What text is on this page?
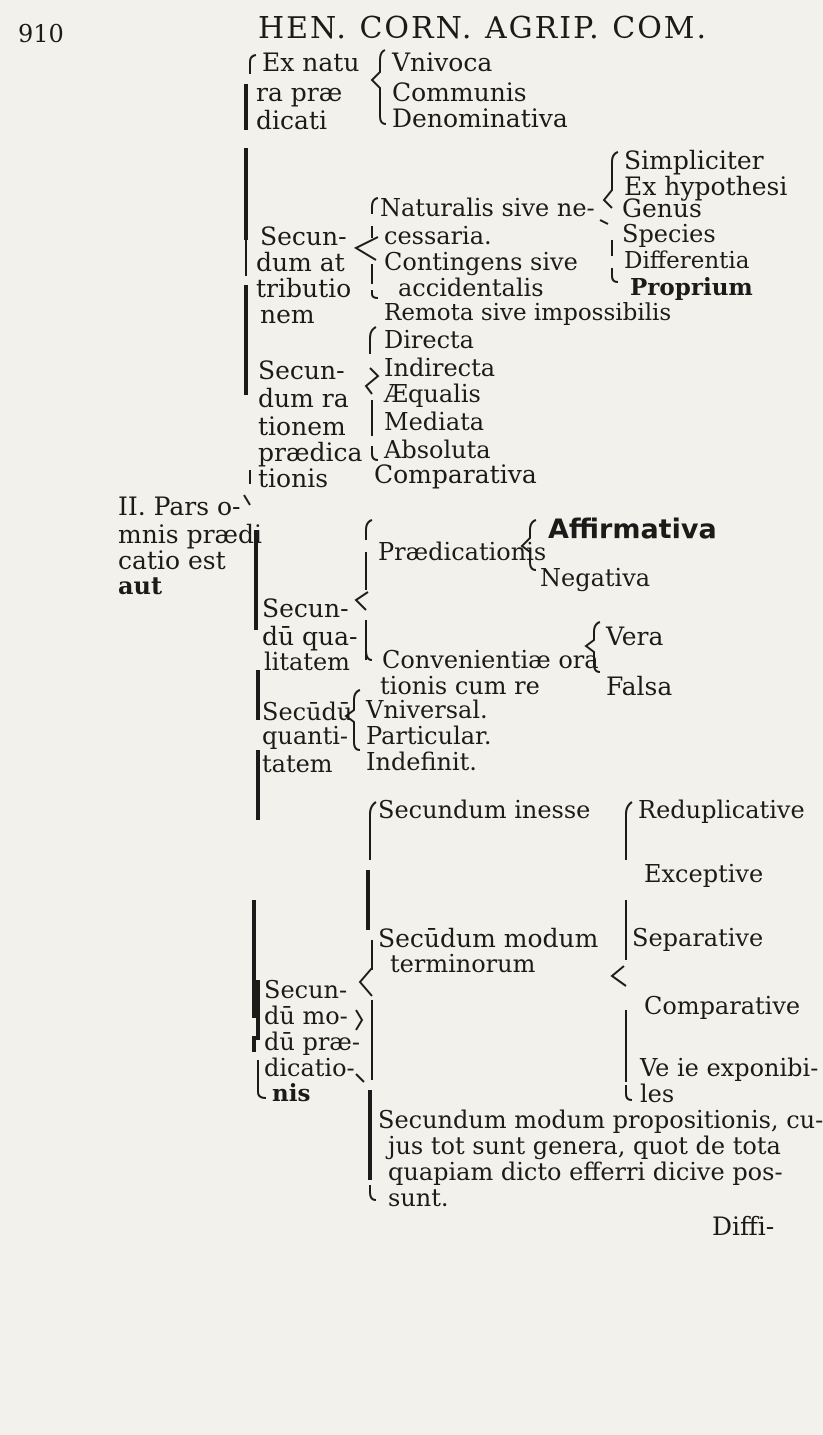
910	HEN. CORN. AGRIP. COM.
Ex natu
ra præ
dicati
Vnivoca
Communis
Denominativa
Simpliciter
Ex hypothesi
Naturalis sive ne- Genus
Secun- cessaria.	Species
dum at Contingens sive Differentia
tributio accidentalis	Proprium
nem	Remota sive impossibilis
Directa
Secun- Indirecta
dum ra Æqualis
tionem Mediata
prædica Absoluta
tionis Comparativa
II. Pars o-
mnis prædi
catio est
aut
Affirmativa
Prædicationis
Negativa
Secun-
dū qua-	Vera
litatem Convenientiæ ora
tionis cum re	Falsa
Secūdū Vniversal.
quanti- Particular.
tatem Indefinit.
Secundum inesse Reduplicative
Exceptive
Secūdum modum Separative
terminorum
Secun-
Comparative
dū mo-
dū præ-
dicatio-	Ve ie exponibi-
nis	les
Secundum modum propositionis, cu-
jus tot sunt genera, quot de tota
quapiam dicto efferri dicive pos-
sunt.
Diffi-
